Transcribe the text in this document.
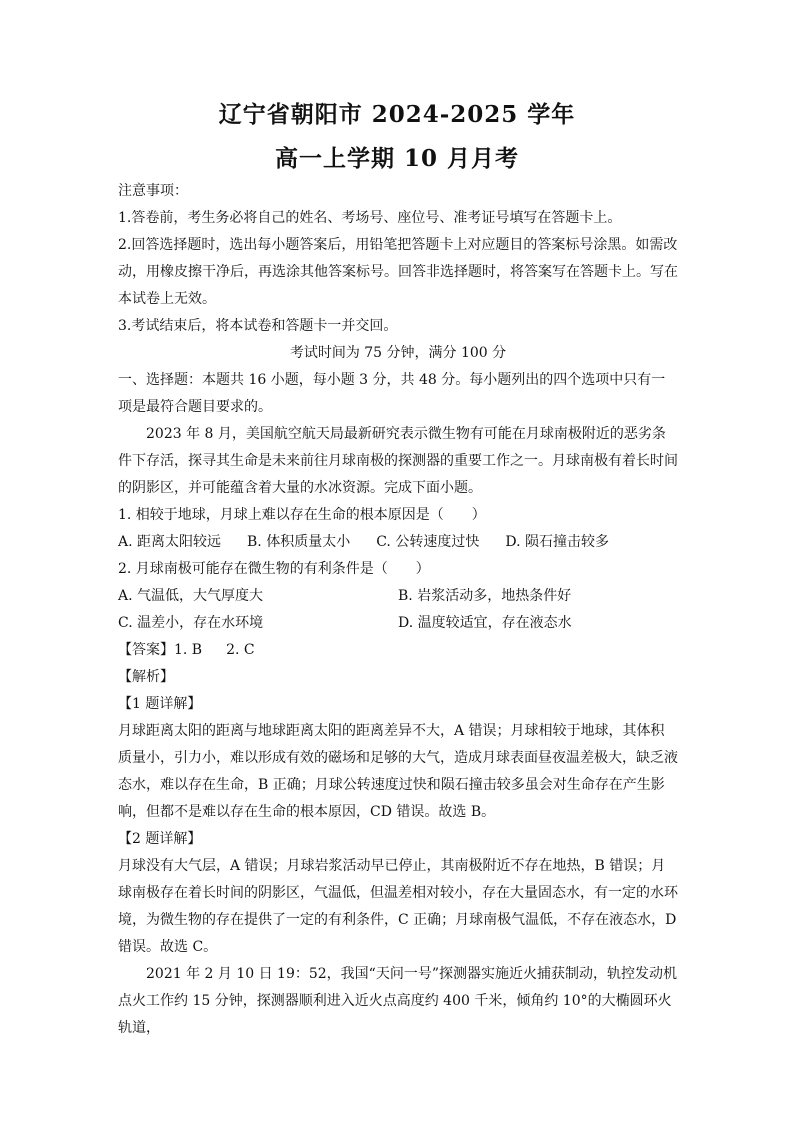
辽宁省朝阳市 2024-2025 学年
高一上学期 10 月月考

注意事项：

1.答卷前，考生务必将自己的姓名、考场号、座位号、准考证号填写在答题卡上。

2.回答选择题时，选出每小题答案后，用铅笔把答题卡上对应题目的答案标号涂黑。如需改动，用橡皮擦干净后，再选涂其他答案标号。回答非选择题时，将答案写在答题卡上。写在本试卷上无效。

3.考试结束后，将本试卷和答题卡一并交回。

考试时间为 75 分钟，满分 100 分

一、选择题：本题共 16 小题，每小题 3 分，共 48 分。每小题列出的四个选项中只有一项是最符合题目要求的。

2023 年 8 月，美国航空航天局最新研究表示微生物有可能在月球南极附近的恶劣条件下存活，探寻其生命是未来前往月球南极的探测器的重要工作之一。月球南极有着长时间的阴影区，并可能蕴含着大量的水冰资源。完成下面小题。

1. 相较于地球，月球上难以存在生命的根本原因是（　　）

A. 距离太阳较远 B. 体积质量太小 C. 公转速度过快 D. 陨石撞击较多

2. 月球南极可能存在微生物的有利条件是（　　）

A. 气温低，大气厚度大	B. 岩浆活动多，地热条件好
C. 温差小，存在水环境	D. 温度较适宜，存在液态水
【答案】 1. B 2. C

【解析】

【1 题详解】

月球距离太阳的距离与地球距离太阳的距离差异不大，A 错误；月球相较于地球，其体积质量小，引力小，难以形成有效的磁场和足够的大气，造成月球表面昼夜温差极大，缺乏液态水，难以存在生命，B 正确；月球公转速度过快和陨石撞击较多虽会对生命存在产生影响，但都不是难以存在生命的根本原因，CD 错误。故选 B。

【2 题详解】

月球没有大气层，A 错误；月球岩浆活动早已停止，其南极附近不存在地热，B 错误；月球南极存在着长时间的阴影区，气温低，但温差相对较小，存在大量固态水，有一定的水环境，为微生物的存在提供了一定的有利条件，C 正确；月球南极气温低，不存在液态水，D 错误。故选 C。

2021 年 2 月 10 日 19：52，我国“天问一号”探测器实施近火捕获制动，轨控发动机点火工作约 15 分钟，探测器顺利进入近火点高度约 400 千米，倾角约 10°的大椭圆环火轨道，
